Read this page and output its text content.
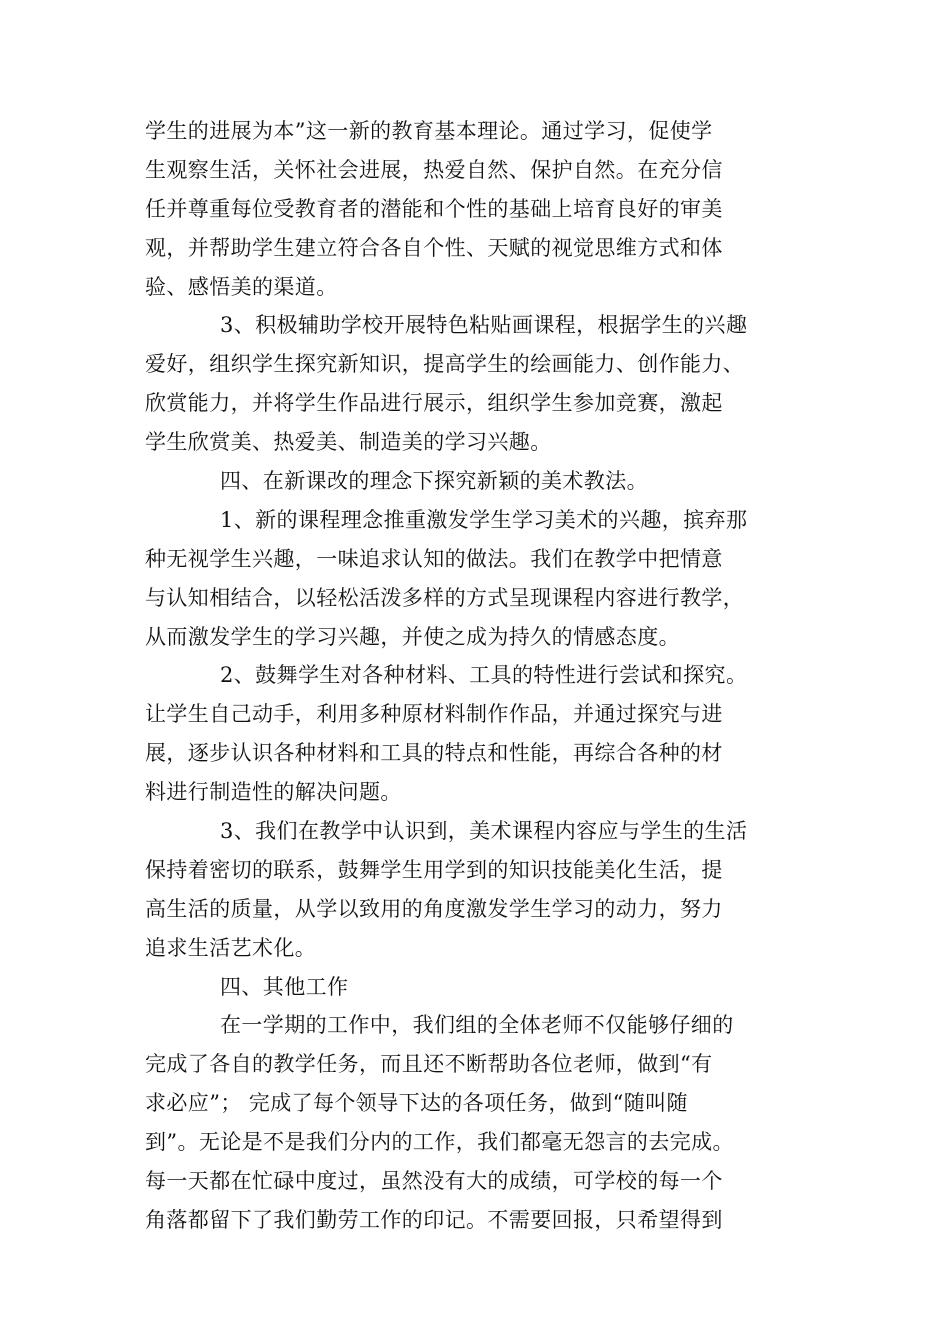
学生的进展为本”这一新的教育基本理论。通过学习，促使学
生观察生活，关怀社会进展，热爱自然、保护自然。在充分信
任并尊重每位受教育者的潜能和个性的基础上培育良好的审美
观，并帮助学生建立符合各自个性、天赋的视觉思维方式和体
验、感悟美的渠道。
3、积极辅助学校开展特色粘贴画课程，根据学生的兴趣
爱好，组织学生探究新知识，提高学生的绘画能力、创作能力、
欣赏能力，并将学生作品进行展示，组织学生参加竞赛，激起
学生欣赏美、热爱美、制造美的学习兴趣。
四、在新课改的理念下探究新颖的美术教法。
1、新的课程理念推重激发学生学习美术的兴趣，摈弃那
种无视学生兴趣，一味追求认知的做法。我们在教学中把情意
与认知相结合，以轻松活泼多样的方式呈现课程内容进行教学，
从而激发学生的学习兴趣，并使之成为持久的情感态度。
2、鼓舞学生对各种材料、工具的特性进行尝试和探究。
让学生自己动手，利用多种原材料制作作品，并通过探究与进
展，逐步认识各种材料和工具的特点和性能，再综合各种的材
料进行制造性的解决问题。
3、我们在教学中认识到，美术课程内容应与学生的生活
保持着密切的联系，鼓舞学生用学到的知识技能美化生活，提
高生活的质量，从学以致用的角度激发学生学习的动力，努力
追求生活艺术化。
四、其他工作
在一学期的工作中，我们组的全体老师不仅能够仔细的
完成了各自的教学任务，而且还不断帮助各位老师，做到“有
求必应”； 完成了每个领导下达的各项任务，做到“随叫随
到”。无论是不是我们分内的工作，我们都毫无怨言的去完成。
每一天都在忙碌中度过，虽然没有大的成绩，可学校的每一个
角落都留下了我们勤劳工作的印记。不需要回报，只希望得到
